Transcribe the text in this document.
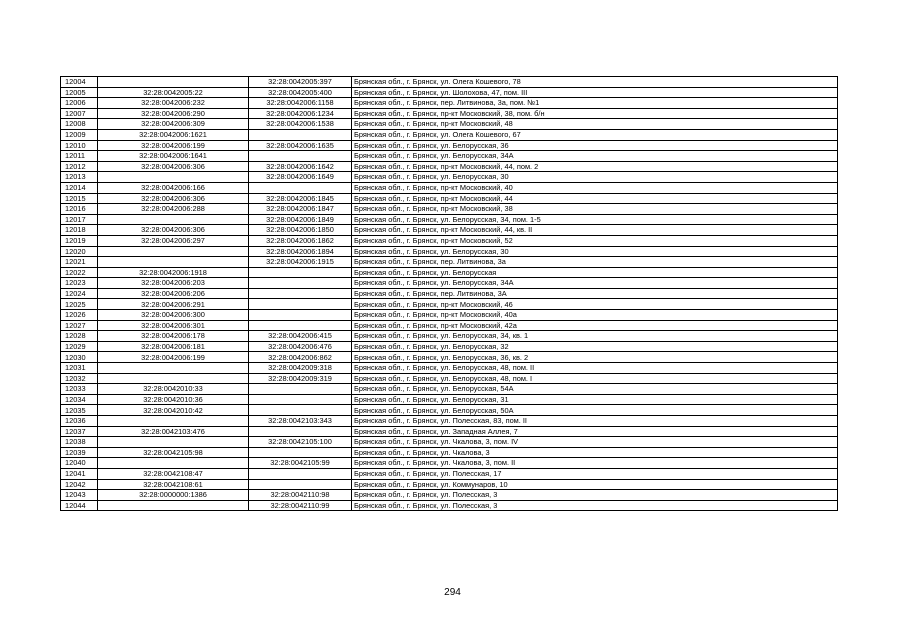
12004		32:28:0042005:397	Брянская обл., г. Брянск, ул. Олега Кошевого, 78
12005	32:28:0042005:22	32:28:0042005:400	Брянская обл., г. Брянск, ул. Шолохова, 47, пом. III
12006	32:28:0042006:232	32:28:0042006:1158	Брянская обл., г. Брянск, пер. Литвинова, 3а, пом. №1
12007	32:28:0042006:290	32:28:0042006:1234	Брянская обл., г. Брянск, пр-кт Московский, 38, пом. б/н
12008	32:28:0042006:309	32:28:0042006:1538	Брянская обл., г. Брянск, пр-кт Московский, 48
12009	32:28:0042006:1621		Брянская обл., г. Брянск, ул. Олега Кошевого, 67
12010	32:28:0042006:199	32:28:0042006:1635	Брянская обл., г. Брянск, ул. Белорусская, 36
12011	32:28:0042006:1641		Брянская обл., г. Брянск, ул. Белорусская, 34А
12012	32:28:0042006:306	32:28:0042006:1642	Брянская обл., г. Брянск, пр-кт Московский, 44, пом. 2
12013		32:28:0042006:1649	Брянская обл., г. Брянск, ул. Белорусская, 30
12014	32:28:0042006:166		Брянская обл., г. Брянск, пр-кт Московский, 40
12015	32:28:0042006:306	32:28:0042006:1845	Брянская обл., г. Брянск, пр-кт Московский, 44
12016	32:28:0042006:288	32:28:0042006:1847	Брянская обл., г. Брянск, пр-кт Московский, 38
12017		32:28:0042006:1849	Брянская обл., г. Брянск, ул. Белорусская, 34, пом. 1-5
12018	32:28:0042006:306	32:28:0042006:1850	Брянская обл., г. Брянск, пр-кт Московский, 44, кв. II
12019	32:28:0042006:297	32:28:0042006:1862	Брянская обл., г. Брянск, пр-кт Московский, 52
12020		32:28:0042006:1894	Брянская обл., г. Брянск, ул. Белорусская, 30
12021		32:28:0042006:1915	Брянская обл., г. Брянск, пер. Литвинова, 3а
12022	32:28:0042006:1918		Брянская обл., г. Брянск, ул. Белорусская
12023	32:28:0042006:203		Брянская обл., г. Брянск, ул. Белорусская, 34А
12024	32:28:0042006:206		Брянская обл., г. Брянск, пер. Литвинова, 3А
12025	32:28:0042006:291		Брянская обл., г. Брянск, пр-кт Московский, 46
12026	32:28:0042006:300		Брянская обл., г. Брянск, пр-кт Московский, 40а
12027	32:28:0042006:301		Брянская обл., г. Брянск, пр-кт Московский, 42а
12028	32:28:0042006:178	32:28:0042006:415	Брянская обл., г. Брянск, ул. Белорусская, 34, кв. 1
12029	32:28:0042006:181	32:28:0042006:476	Брянская обл., г. Брянск, ул. Белорусская, 32
12030	32:28:0042006:199	32:28:0042006:862	Брянская обл., г. Брянск, ул. Белорусская, 36, кв. 2
12031		32:28:0042009:318	Брянская обл., г. Брянск, ул. Белорусская, 48, пом. II
12032		32:28:0042009:319	Брянская обл., г. Брянск, ул. Белорусская, 48, пом. I
12033	32:28:0042010:33		Брянская обл., г. Брянск, ул. Белорусская, 54А
12034	32:28:0042010:36		Брянская обл., г. Брянск, ул. Белорусская, 31
12035	32:28:0042010:42		Брянская обл., г. Брянск, ул. Белорусская, 50А
12036		32:28:0042103:343	Брянская обл., г. Брянск, ул. Полесская, 83, пом. II
12037	32:28:0042103:476		Брянская обл., г. Брянск, ул. Западная Аллея, 7
12038		32:28:0042105:100	Брянская обл., г. Брянск, ул. Чкалова, 3, пом. IV
12039	32:28:0042105:98		Брянская обл., г. Брянск, ул. Чкалова, 3
12040		32:28:0042105:99	Брянская обл., г. Брянск, ул. Чкалова, 3, пом. II
12041	32:28:0042108:47		Брянская обл., г. Брянск, ул. Полесская, 17
12042	32:28:0042108:61		Брянская обл., г. Брянск, ул. Коммунаров, 10
12043	32:28:0000000:1386	32:28:0042110:98	Брянская обл., г. Брянск, ул. Полесская, 3
12044		32:28:0042110:99	Брянская обл., г. Брянск, ул. Полесская, 3
294
